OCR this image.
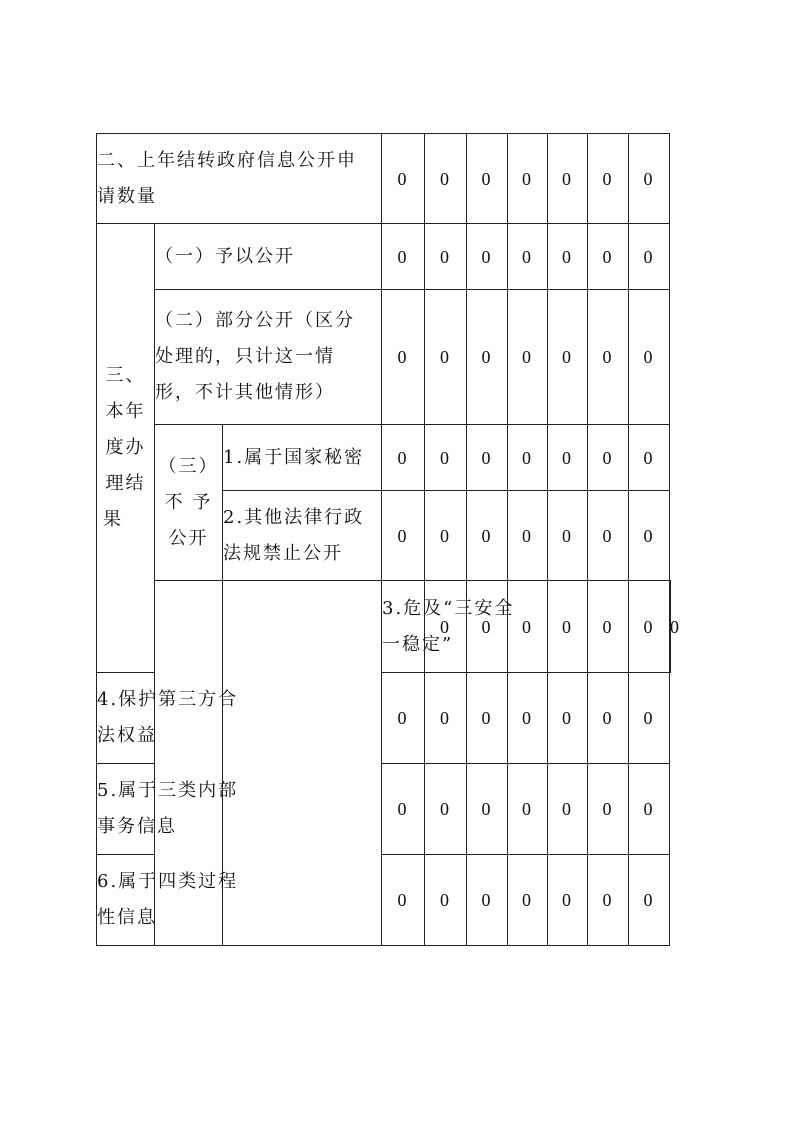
二、上年结转政府信息公开申
请数量			0	0	0	0	0	0	0	

三、
本年
度办
理结
果	（一）予以公开		0	0	0	0	0	0	0	

	（二）部分公开（区分
处理的，只计这一情
形，不计其他情形）		0	0	0	0	0	0	0	

	（三）
不 予
公开	1.属于国家秘密	0	0	0	0	0	0	0	

		2.其他法律行政
法规禁止公开	0	0	0	0	0	0	0	

			3.危及“三安全
一稳定”	0	0	0	0	0	0	0

4.保护第三方合
法权益			0	0	0	0	0	0	0	

5.属于三类内部
事务信息			0	0	0	0	0	0	0	

6.属于四类过程
性信息			0	0	0	0	0	0	0	
